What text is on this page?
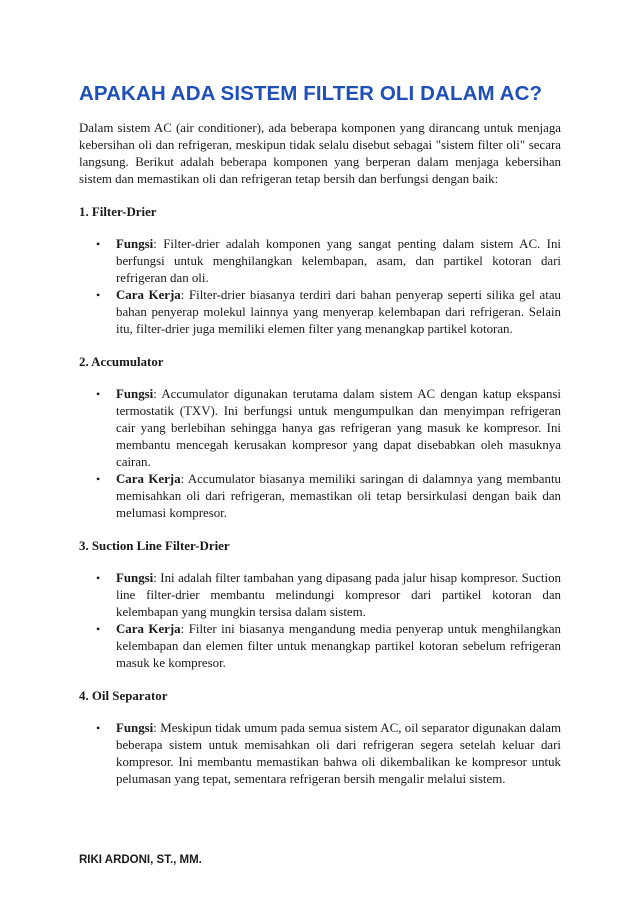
APAKAH ADA SISTEM FILTER OLI DALAM AC?

Dalam sistem AC (air conditioner), ada beberapa komponen yang dirancang untuk menjaga kebersihan oli dan refrigeran, meskipun tidak selalu disebut sebagai "sistem filter oli" secara langsung. Berikut adalah beberapa komponen yang berperan dalam menjaga kebersihan sistem dan memastikan oli dan refrigeran tetap bersih dan berfungsi dengan baik:

1. Filter-Drier
• Fungsi: Filter-drier adalah komponen yang sangat penting dalam sistem AC. Ini berfungsi untuk menghilangkan kelembapan, asam, dan partikel kotoran dari refrigeran dan oli.
• Cara Kerja: Filter-drier biasanya terdiri dari bahan penyerap seperti silika gel atau bahan penyerap molekul lainnya yang menyerap kelembapan dari refrigeran. Selain itu, filter-drier juga memiliki elemen filter yang menangkap partikel kotoran.
2. Accumulator
• Fungsi: Accumulator digunakan terutama dalam sistem AC dengan katup ekspansi termostatik (TXV). Ini berfungsi untuk mengumpulkan dan menyimpan refrigeran cair yang berlebihan sehingga hanya gas refrigeran yang masuk ke kompresor. Ini membantu mencegah kerusakan kompresor yang dapat disebabkan oleh masuknya cairan.
• Cara Kerja: Accumulator biasanya memiliki saringan di dalamnya yang membantu memisahkan oli dari refrigeran, memastikan oli tetap bersirkulasi dengan baik dan melumasi kompresor.
3. Suction Line Filter-Drier
• Fungsi: Ini adalah filter tambahan yang dipasang pada jalur hisap kompresor. Suction line filter-drier membantu melindungi kompresor dari partikel kotoran dan kelembapan yang mungkin tersisa dalam sistem.
• Cara Kerja: Filter ini biasanya mengandung media penyerap untuk menghilangkan kelembapan dan elemen filter untuk menangkap partikel kotoran sebelum refrigeran masuk ke kompresor.
4. Oil Separator
• Fungsi: Meskipun tidak umum pada semua sistem AC, oil separator digunakan dalam beberapa sistem untuk memisahkan oli dari refrigeran segera setelah keluar dari kompresor. Ini membantu memastikan bahwa oli dikembalikan ke kompresor untuk pelumasan yang tepat, sementara refrigeran bersih mengalir melalui sistem.
RIKI ARDONI, ST., MM.
